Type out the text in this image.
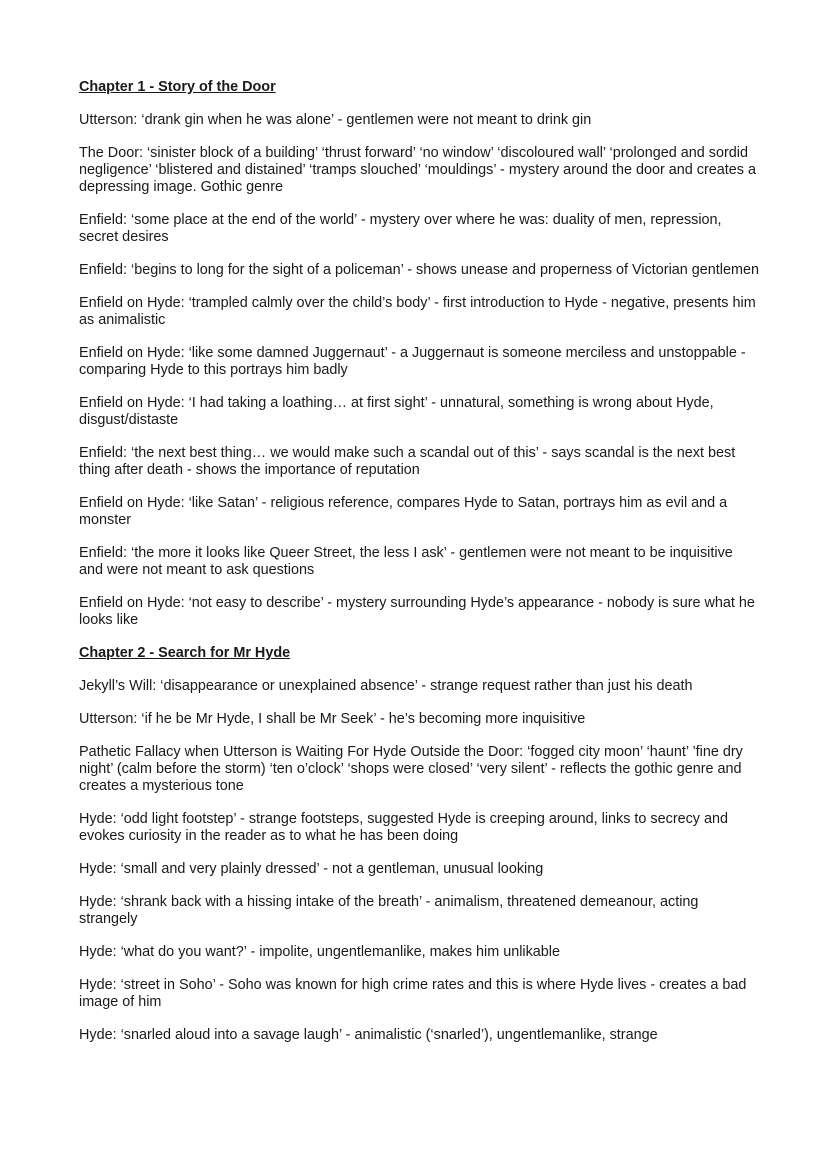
Chapter 1 - Story of the Door

Utterson: ‘drank gin when he was alone’ - gentlemen were not meant to drink gin

The Door: ‘sinister block of a building’ ‘thrust forward’ ‘no window’ ‘discoloured wall’ ‘prolonged and sordid negligence’ ‘blistered and distained’ ‘tramps slouched’ ‘mouldings’ - mystery around the door and creates a depressing image. Gothic genre

Enfield: ‘some place at the end of the world’ - mystery over where he was: duality of men, repression, secret desires

Enfield: ‘begins to long for the sight of a policeman’ - shows unease and properness of Victorian gentlemen

Enfield on Hyde: ‘trampled calmly over the child’s body’ - first introduction to Hyde - negative, presents him as animalistic

Enfield on Hyde: ‘like some damned Juggernaut’ - a Juggernaut is someone merciless and unstoppable - comparing Hyde to this portrays him badly

Enfield on Hyde: ‘I had taking a loathing… at first sight’ - unnatural, something is wrong about Hyde, disgust/distaste

Enfield: ‘the next best thing… we would make such a scandal out of this’ - says scandal is the next best thing after death - shows the importance of reputation

Enfield on Hyde: ‘like Satan’ - religious reference, compares Hyde to Satan, portrays him as evil and a monster

Enfield: ‘the more it looks like Queer Street, the less I ask’ - gentlemen were not meant to be inquisitive and were not meant to ask questions

Enfield on Hyde: ‘not easy to describe’ - mystery surrounding Hyde’s appearance - nobody is sure what he looks like

Chapter 2 - Search for Mr Hyde

Jekyll’s Will: ‘disappearance or unexplained absence’ - strange request rather than just his death

Utterson: ‘if he be Mr Hyde, I shall be Mr Seek’ - he’s becoming more inquisitive

Pathetic Fallacy when Utterson is Waiting For Hyde Outside the Door: ‘fogged city moon’ ‘haunt’ ’fine dry night’ (calm before the storm) ‘ten o’clock’ ‘shops were closed’ ‘very silent’ - reflects the gothic genre and creates a mysterious tone

Hyde: ‘odd light footstep’ - strange footsteps, suggested Hyde is creeping around, links to secrecy and evokes curiosity in the reader as to what he has been doing

Hyde: ‘small and very plainly dressed’ - not a gentleman, unusual looking

Hyde: ‘shrank back with a hissing intake of the breath’ - animalism, threatened demeanour, acting strangely

Hyde: ‘what do you want?’ - impolite, ungentlemanlike, makes him unlikable

Hyde: ‘street in Soho’ - Soho was known for high crime rates and this is where Hyde lives - creates a bad image of him

Hyde: ‘snarled aloud into a savage laugh’ - animalistic (‘snarled’), ungentlemanlike, strange
